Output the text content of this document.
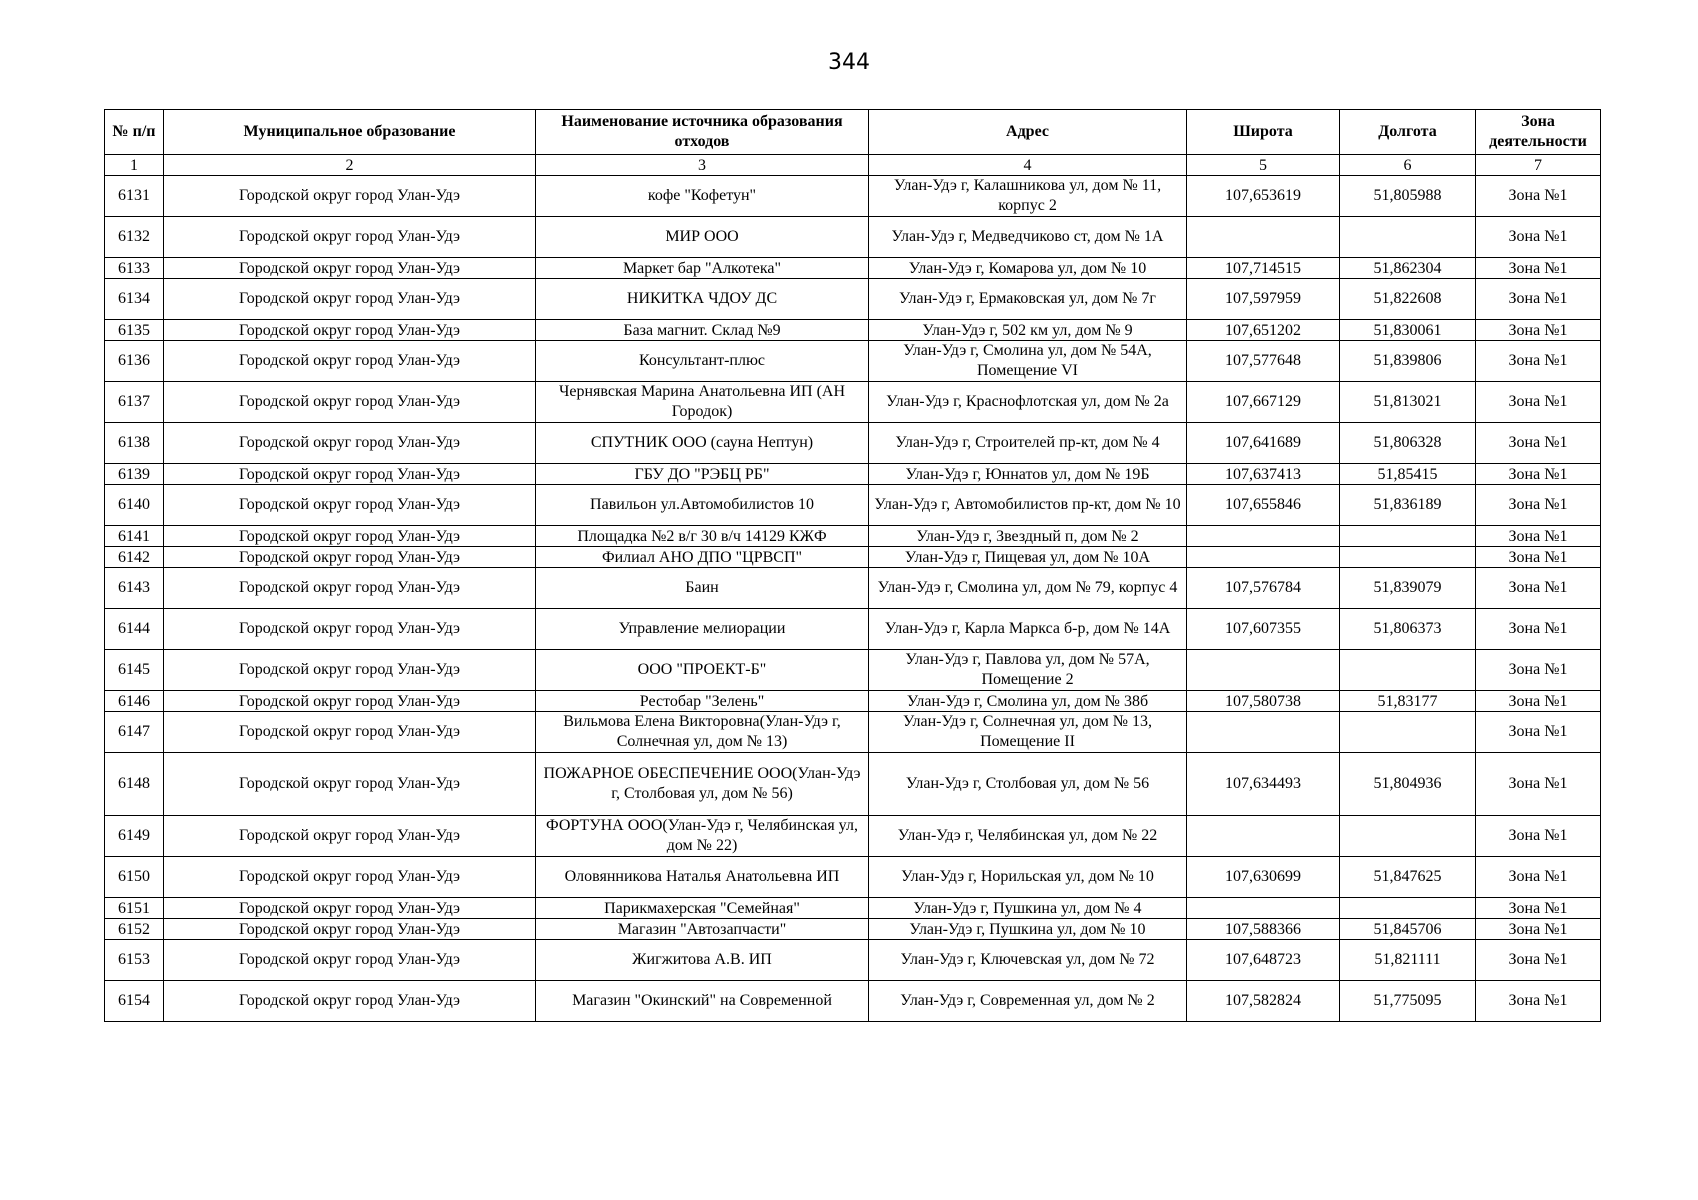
344
№ п/п	Муниципальное образование	Наименование источника образования отходов	Адрес	Широта	Долгота	Зона деятельности
1	2	3	4	5	6	7
6131	Городской округ город Улан-Удэ	кофе "Кофетун"	Улан-Удэ г, Калашникова ул, дом № 11, корпус 2	107,653619	51,805988	Зона №1
6132	Городской округ город Улан-Удэ	МИР ООО	Улан-Удэ г, Медведчиково ст, дом № 1А			Зона №1
6133	Городской округ город Улан-Удэ	Маркет бар "Алкотека"	Улан-Удэ г, Комарова ул, дом № 10	107,714515	51,862304	Зона №1
6134	Городской округ город Улан-Удэ	НИКИТКА ЧДОУ ДС	Улан-Удэ г, Ермаковская ул, дом № 7г	107,597959	51,822608	Зона №1
6135	Городской округ город Улан-Удэ	База магнит. Склад №9	Улан-Удэ г, 502 км ул, дом № 9	107,651202	51,830061	Зона №1
6136	Городской округ город Улан-Удэ	Консультант-плюс	Улан-Удэ г, Смолина ул, дом № 54А, Помещение VI	107,577648	51,839806	Зона №1
6137	Городской округ город Улан-Удэ	Чернявская Марина Анатольевна ИП (АН Городок)	Улан-Удэ г, Краснофлотская ул, дом № 2а	107,667129	51,813021	Зона №1
6138	Городской округ город Улан-Удэ	СПУТНИК ООО (сауна Нептун)	Улан-Удэ г, Строителей пр-кт, дом № 4	107,641689	51,806328	Зона №1
6139	Городской округ город Улан-Удэ	ГБУ ДО "РЭБЦ РБ"	Улан-Удэ г, Юннатов ул, дом № 19Б	107,637413	51,85415	Зона №1
6140	Городской округ город Улан-Удэ	Павильон ул.Автомобилистов 10	Улан-Удэ г, Автомобилистов пр-кт, дом № 10	107,655846	51,836189	Зона №1
6141	Городской округ город Улан-Удэ	Площадка №2 в/г 30 в/ч 14129 КЖФ	Улан-Удэ г, Звездный п, дом № 2			Зона №1
6142	Городской округ город Улан-Удэ	Филиал АНО ДПО "ЦРВСП"	Улан-Удэ г, Пищевая ул, дом № 10А			Зона №1
6143	Городской округ город Улан-Удэ	Баин	Улан-Удэ г, Смолина ул, дом № 79, корпус 4	107,576784	51,839079	Зона №1
6144	Городской округ город Улан-Удэ	Управление мелиорации	Улан-Удэ г, Карла Маркса б-р, дом № 14А	107,607355	51,806373	Зона №1
6145	Городской округ город Улан-Удэ	ООО "ПРОЕКТ-Б"	Улан-Удэ г, Павлова ул, дом № 57А, Помещение 2			Зона №1
6146	Городской округ город Улан-Удэ	Рестобар "Зелень"	Улан-Удэ г, Смолина ул, дом № 38б	107,580738	51,83177	Зона №1
6147	Городской округ город Улан-Удэ	Вильмова Елена Викторовна(Улан-Удэ г, Солнечная ул, дом № 13)	Улан-Удэ г, Солнечная ул, дом № 13, Помещение II			Зона №1
6148	Городской округ город Улан-Удэ	ПОЖАРНОЕ ОБЕСПЕЧЕНИЕ ООО(Улан-Удэ г, Столбовая ул, дом № 56)	Улан-Удэ г, Столбовая ул, дом № 56	107,634493	51,804936	Зона №1
6149	Городской округ город Улан-Удэ	ФОРТУНА ООО(Улан-Удэ г, Челябинская ул, дом № 22)	Улан-Удэ г, Челябинская ул, дом № 22			Зона №1
6150	Городской округ город Улан-Удэ	Оловянникова Наталья Анатольевна ИП	Улан-Удэ г, Норильская ул, дом № 10	107,630699	51,847625	Зона №1
6151	Городской округ город Улан-Удэ	Парикмахерская "Семейная"	Улан-Удэ г, Пушкина ул, дом № 4			Зона №1
6152	Городской округ город Улан-Удэ	Магазин "Автозапчасти"	Улан-Удэ г, Пушкина ул, дом № 10	107,588366	51,845706	Зона №1
6153	Городской округ город Улан-Удэ	Жигжитова А.В. ИП	Улан-Удэ г, Ключевская ул, дом № 72	107,648723	51,821111	Зона №1
6154	Городской округ город Улан-Удэ	Магазин "Окинский" на Современной	Улан-Удэ г, Современная ул, дом № 2	107,582824	51,775095	Зона №1
